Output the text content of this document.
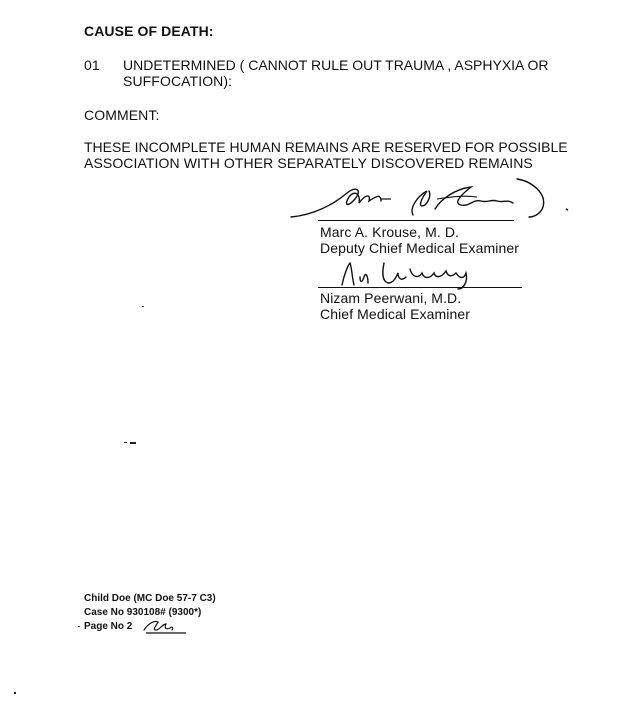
CAUSE OF DEATH:
01 UNDETERMINED ( CANNOT RULE OUT TRAUMA , ASPHYXIA OR
SUFFOCATION):
COMMENT:
THESE INCOMPLETE HUMAN REMAINS ARE RESERVED FOR POSSIBLE
ASSOCIATION WITH OTHER SEPARATELY DISCOVERED REMAINS
Marc A. Krouse, M. D.
Deputy Chief Medical Examiner
Nizam Peerwani, M.D.
Chief Medical Examiner
Child Doe (MC Doe 57-7 C3)
Case No 930108# (9300*)
Page No 2
